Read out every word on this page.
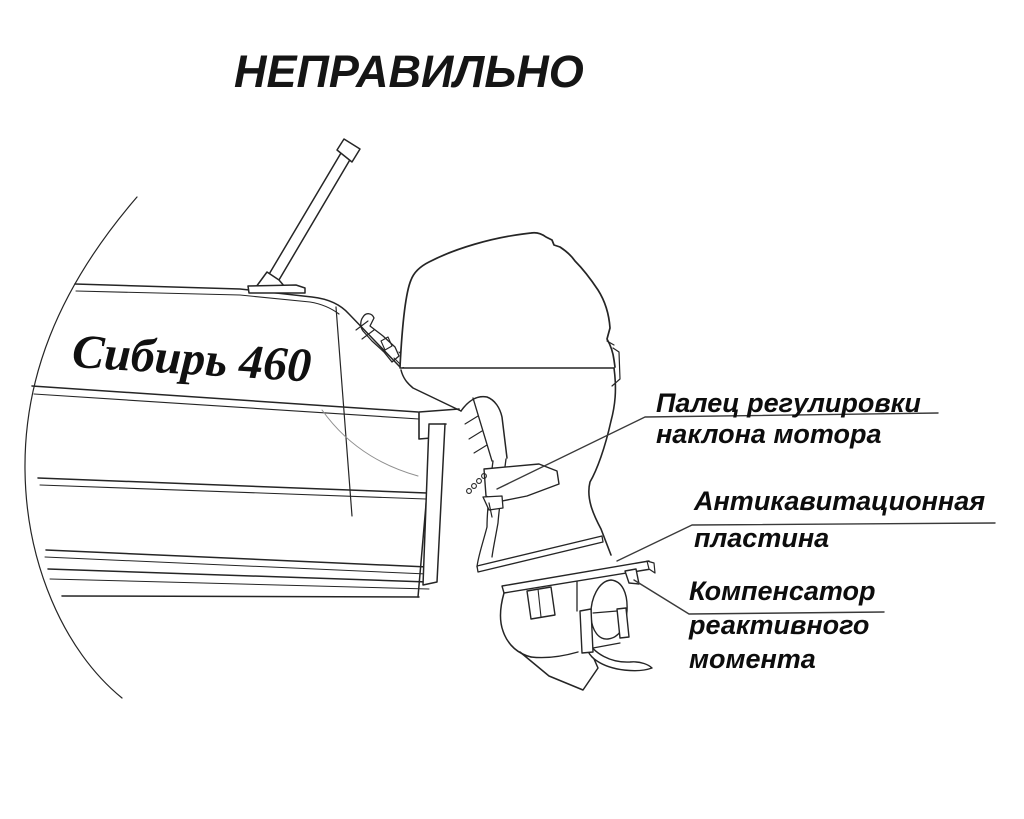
НЕПРАВИЛЬНО
Сибирь 460
Палец регулировки
наклона мотора
Антикавитационная
пластина
Компенсатор
реактивного
момента
